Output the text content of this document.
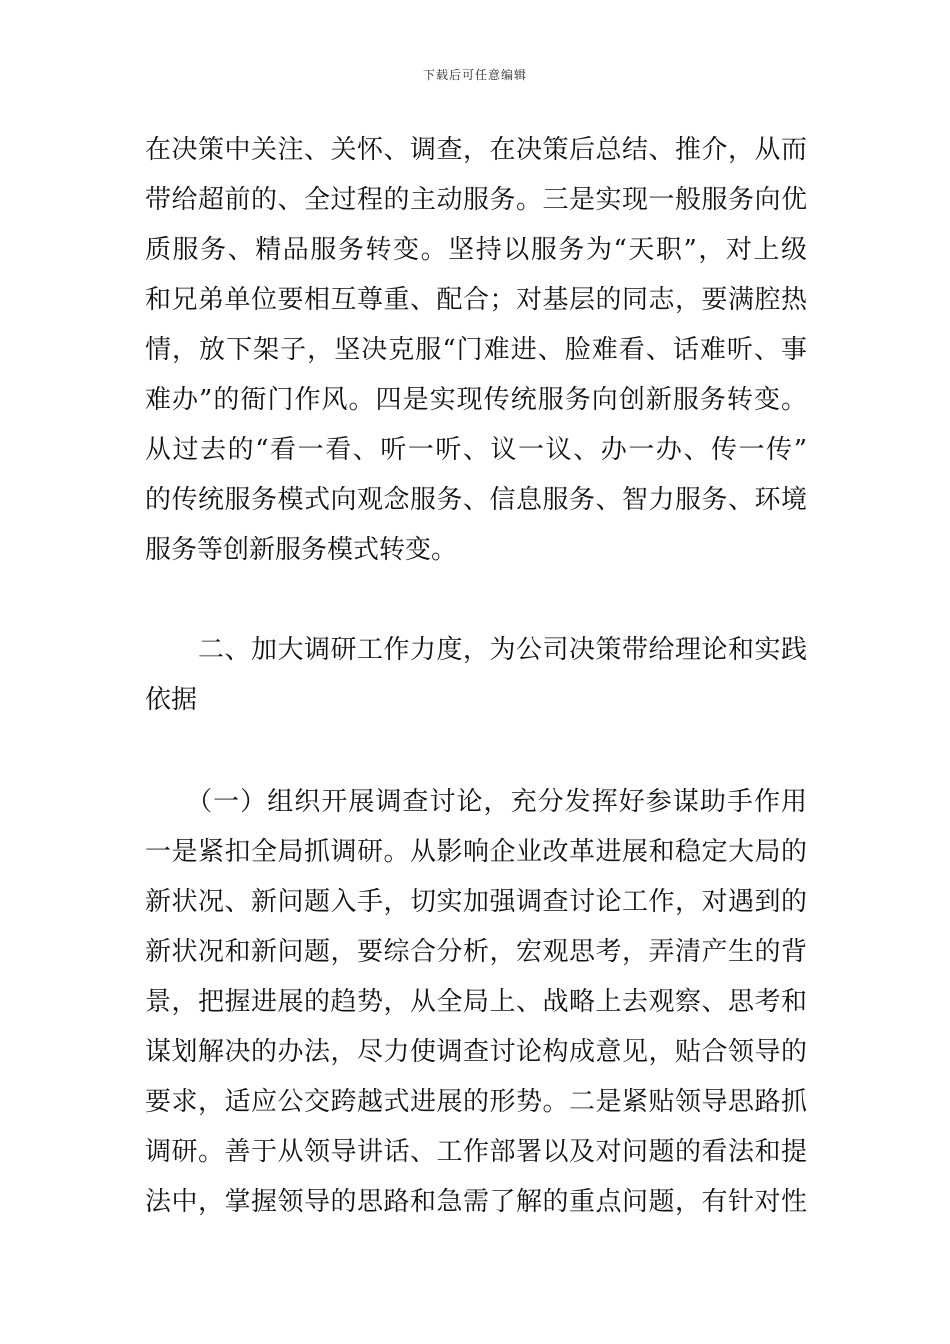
下载后可任意编辑
在决策中关注、关怀、调查，在决策后总结、推介，从而
带给超前的、全过程的主动服务。三是实现一般服务向优
质服务、精品服务转变。坚持以服务为“天职”，对上级
和兄弟单位要相互尊重、配合；对基层的同志，要满腔热
情，放下架子，坚决克服“门难进、脸难看、话难听、事
难办”的衙门作风。四是实现传统服务向创新服务转变。
从过去的“看一看、听一听、议一议、办一办、传一传”
的传统服务模式向观念服务、信息服务、智力服务、环境
服务等创新服务模式转变。
　　二、加大调研工作力度，为公司决策带给理论和实践
依据
　　（一）组织开展调查讨论，充分发挥好参谋助手作用
一是紧扣全局抓调研。从影响企业改革进展和稳定大局的
新状况、新问题入手，切实加强调查讨论工作，对遇到的
新状况和新问题，要综合分析，宏观思考，弄清产生的背
景，把握进展的趋势，从全局上、战略上去观察、思考和
谋划解决的办法，尽力使调查讨论构成意见，贴合领导的
要求，适应公交跨越式进展的形势。二是紧贴领导思路抓
调研。善于从领导讲话、工作部署以及对问题的看法和提
法中，掌握领导的思路和急需了解的重点问题，有针对性
